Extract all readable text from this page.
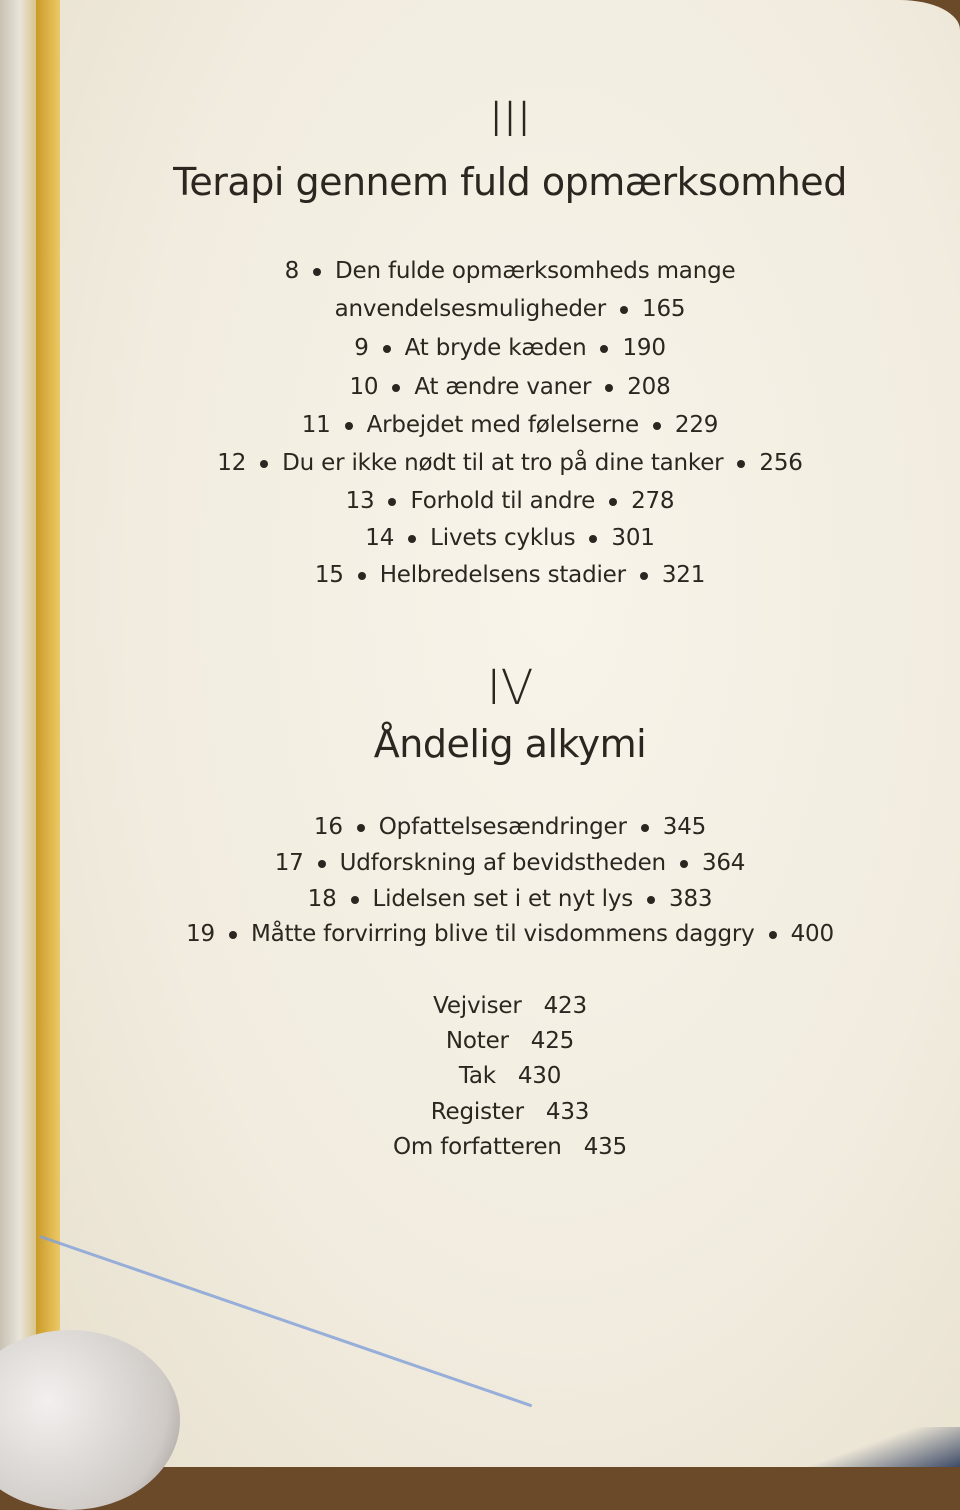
III
Terapi gennem fuld opmærksomhed
8 Den fulde opmærksomheds mange
anvendelsesmuligheder 165
9 At bryde kæden 190
10 At ændre vaner 208
11 Arbejdet med følelserne 229
12 Du er ikke nødt til at tro på dine tanker 256
13 Forhold til andre 278
14 Livets cyklus 301
15 Helbredelsens stadier 321
IV
Åndelig alkymi
16 Opfattelsesændringer 345
17 Udforskning af bevidstheden 364
18 Lidelsen set i et nyt lys 383
19 Måtte forvirring blive til visdommens daggry 400
Vejviser 423
Noter 425
Tak 430
Register 433
Om forfatteren 435
